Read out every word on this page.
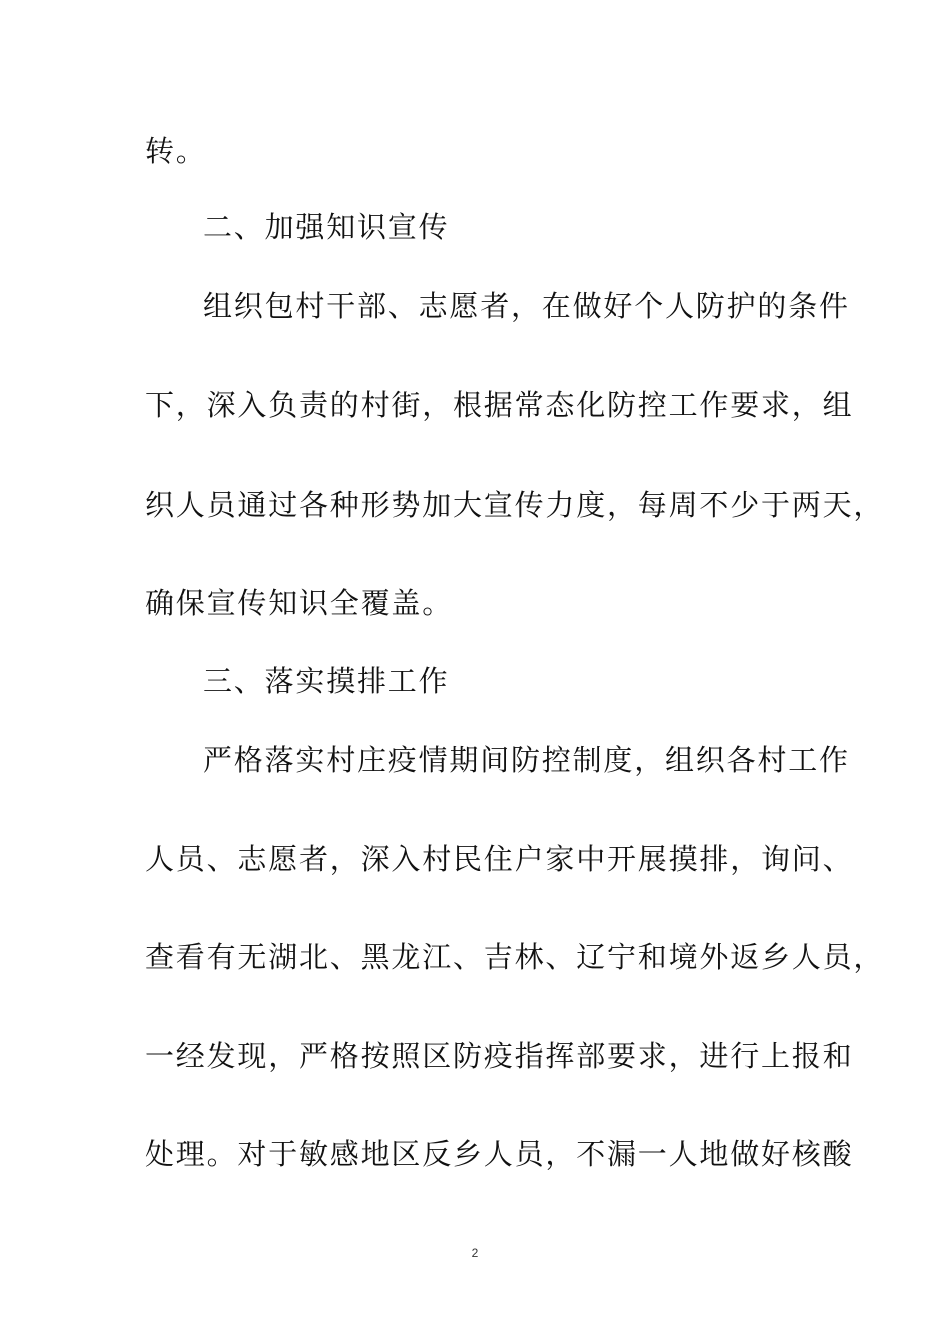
转。
二、加强知识宣传
组织包村干部、志愿者，在做好个人防护的条件
下，深入负责的村街，根据常态化防控工作要求，组
织人员通过各种形势加大宣传力度，每周不少于两天，
确保宣传知识全覆盖。
三、落实摸排工作
严格落实村庄疫情期间防控制度，组织各村工作
人员、志愿者，深入村民住户家中开展摸排，询问、
查看有无湖北、黑龙江、吉林、辽宁和境外返乡人员，
一经发现，严格按照区防疫指挥部要求，进行上报和
处理。对于敏感地区反乡人员，不漏一人地做好核酸
2
